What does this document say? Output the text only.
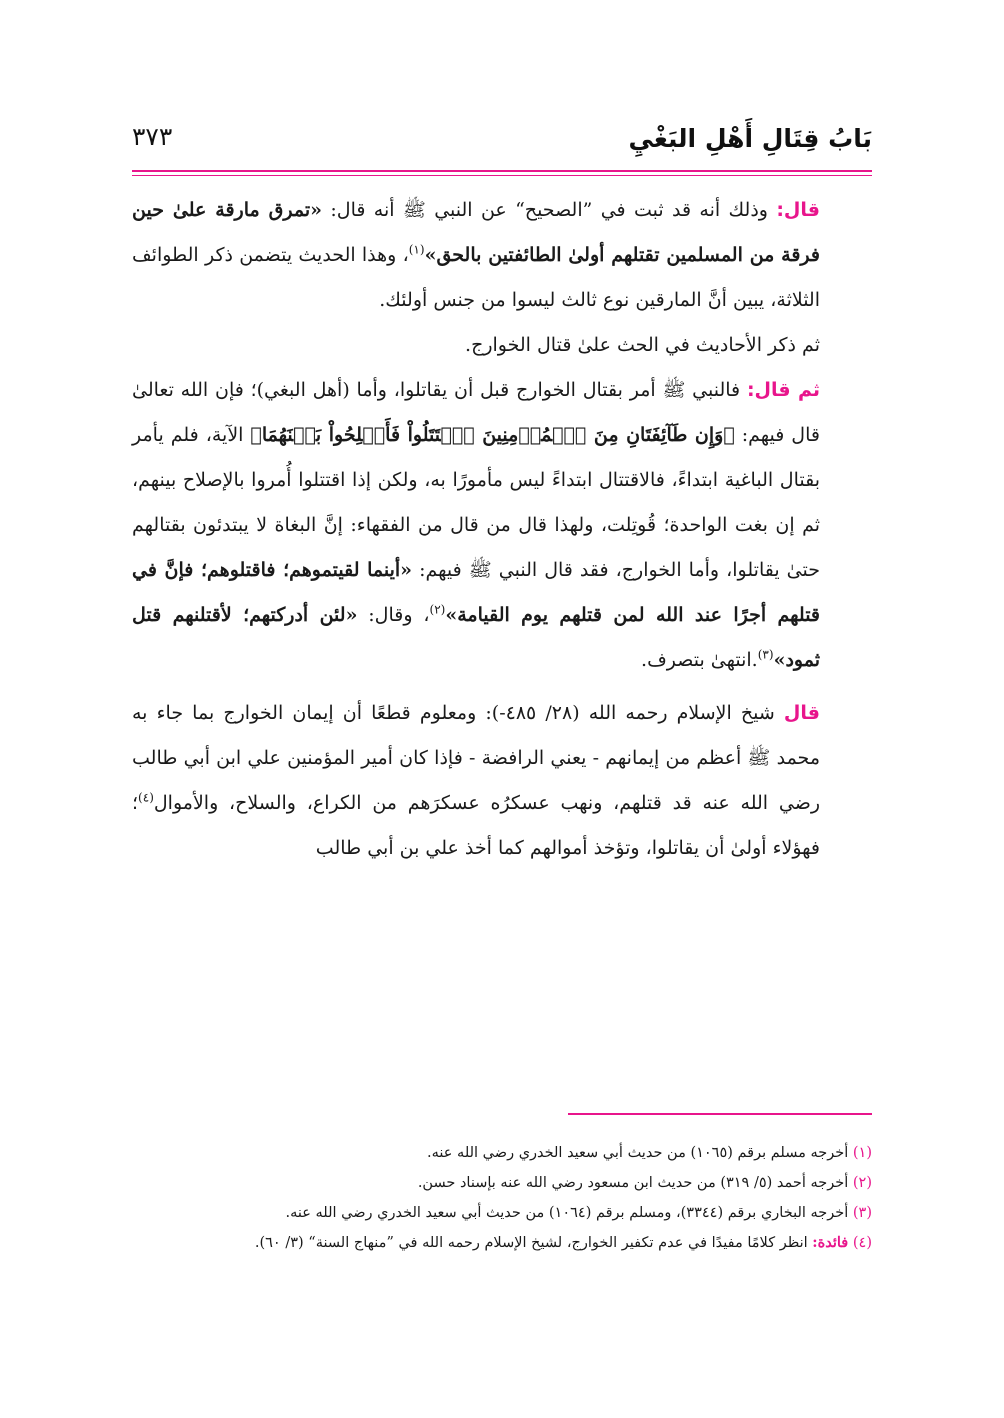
بَابُ قِتَالِ أَهْلِ البَغْيِ
٣٧٣

قال: وذلك أنه قد ثبت في ”الصحيح“ عن النبي ﷺ أنه قال: «تمرق مارقة علىٰ حين فرقة من المسلمين تقتلهم أولىٰ الطائفتين بالحق»$^{(١)}$، وهذا الحديث يتضمن ذكر الطوائف الثلاثة، يبين أنَّ المارقين نوع ثالث ليسوا من جنس أولئك.

ثم ذكر الأحاديث في الحث علىٰ قتال الخوارج.

ثم قال: فالنبي ﷺ أمر بقتال الخوارج قبل أن يقاتلوا، وأما (أهل البغي)؛ فإن الله تعالىٰ قال فيهم: ﴿وَإِن طَآئِفَتَانِ مِنَ ٱلۡمُؤۡمِنِينَ ٱقۡتَتَلُواْ فَأَصۡلِحُواْ بَيۡنَهُمَا﴾ الآية، فلم يأمر بقتال الباغية ابتداءً، فالاقتتال ابتداءً ليس مأمورًا به، ولكن إذا اقتتلوا أُمروا بالإصلاح بينهم، ثم إن بغت الواحدة؛ قُوتِلت، ولهذا قال من قال من الفقهاء: إنَّ البغاة لا يبتدئون بقتالهم حتىٰ يقاتلوا، وأما الخوارج، فقد قال النبي ﷺ فيهم: «أينما لقيتموهم؛ فاقتلوهم؛ فإنَّ في قتلهم أجرًا عند الله لمن قتلهم يوم القيامة»$^{(٢)}$، وقال: «لئن أدركتهم؛ لأقتلنهم قتل ثمود»$^{(٣)}$.انتهىٰ بتصرف.

قال شيخ الإسلام رحمه الله (٢٨/ ٤٨٥-): ومعلوم قطعًا أن إيمان الخوارج بما جاء به محمد ﷺ أعظم من إيمانهم - يعني الرافضة - فإذا كان أمير المؤمنين علي ابن أبي طالب رضي الله عنه قد قتلهم، ونهب عسكرُه عسكرَهم من الكراع، والسلاح، والأموال$^{(٤)}$؛ فهؤلاء أولىٰ أن يقاتلوا، وتؤخذ أموالهم كما أخذ علي بن أبي طالب

(١) أخرجه مسلم برقم (١٠٦٥) من حديث أبي سعيد الخدري رضي الله عنه.

(٢) أخرجه أحمد (٥/ ٣١٩) من حديث ابن مسعود رضي الله عنه بإسناد حسن.

(٣) أخرجه البخاري برقم (٣٣٤٤)، ومسلم برقم (١٠٦٤) من حديث أبي سعيد الخدري رضي الله عنه.

(٤) فائدة: انظر كلامًا مفيدًا في عدم تكفير الخوارج، لشيخ الإسلام رحمه الله في ”منهاج السنة“ (٣/ ٦٠).
